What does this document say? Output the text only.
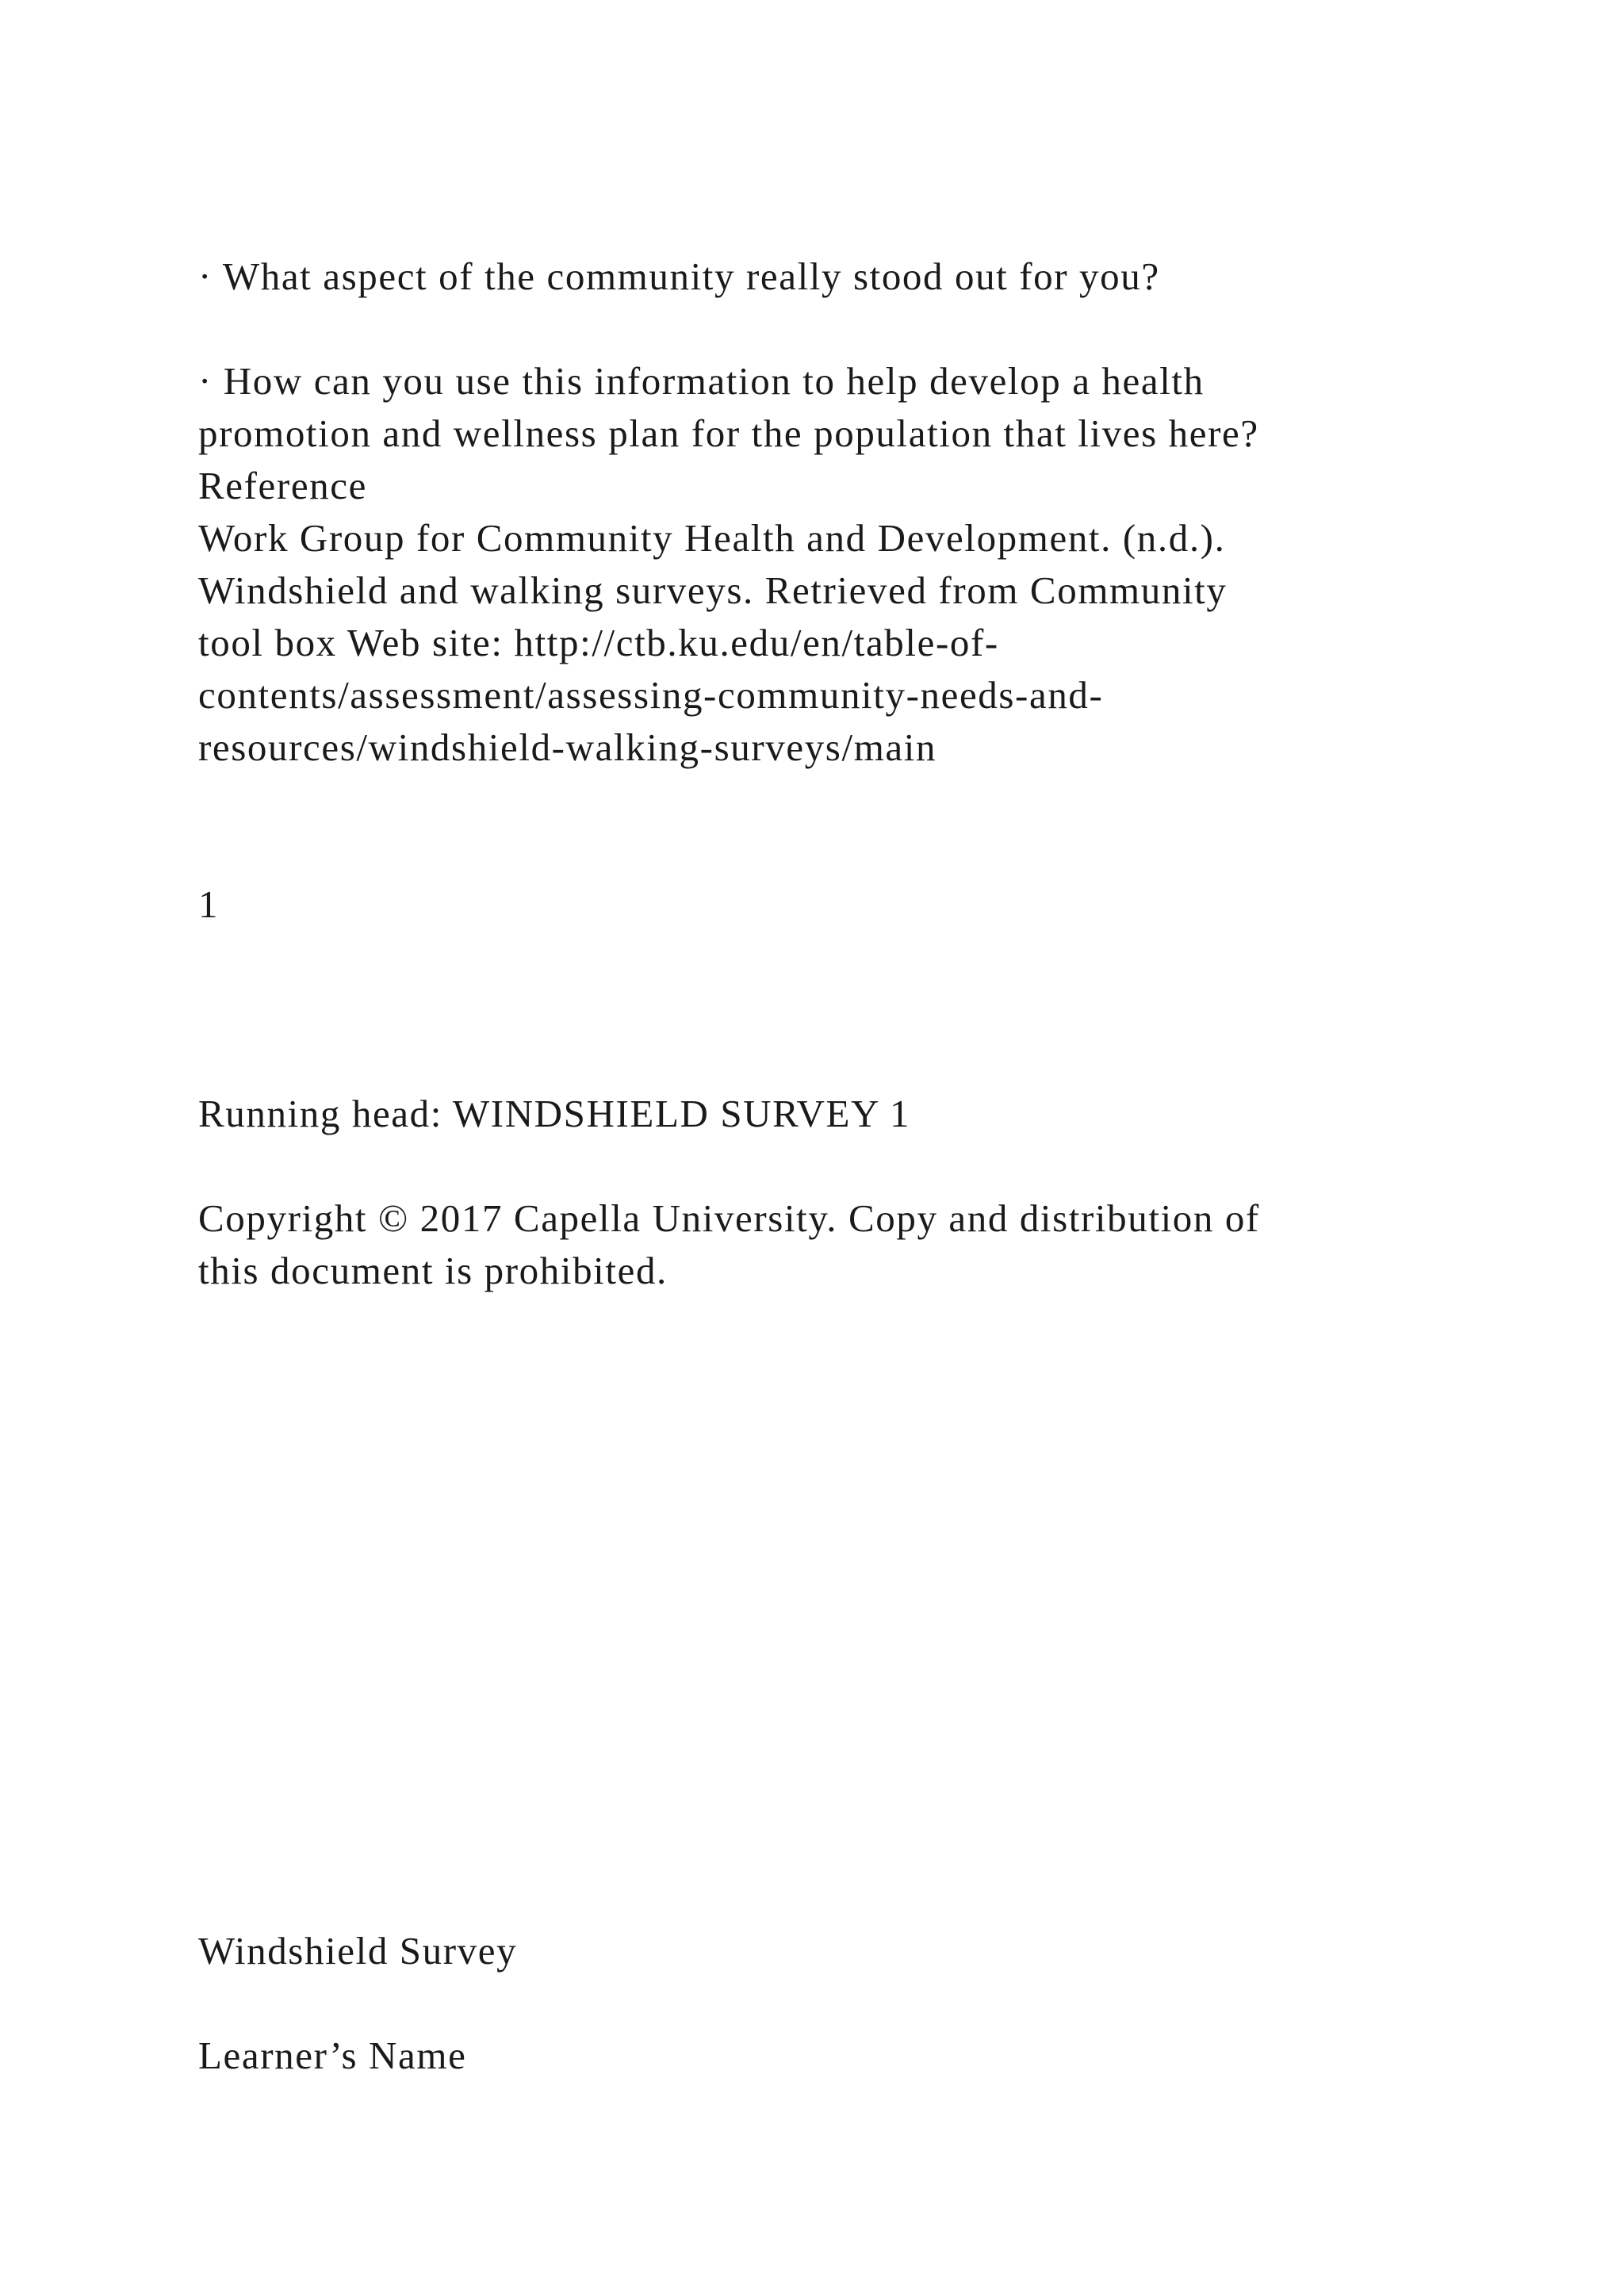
· What aspect of the community really stood out for you?
· How can you use this information to help develop a health
promotion and wellness plan for the population that lives here?
Reference
Work Group for Community Health and Development. (n.d.).
Windshield and walking surveys. Retrieved from Community
tool box Web site: http://ctb.ku.edu/en/table-of-
contents/assessment/assessing-community-needs-and-
resources/windshield-walking-surveys/main
1
Running head: WINDSHIELD SURVEY 1
Copyright © 2017 Capella University. Copy and distribution of
this document is prohibited.
Windshield Survey
Learner’s Name
